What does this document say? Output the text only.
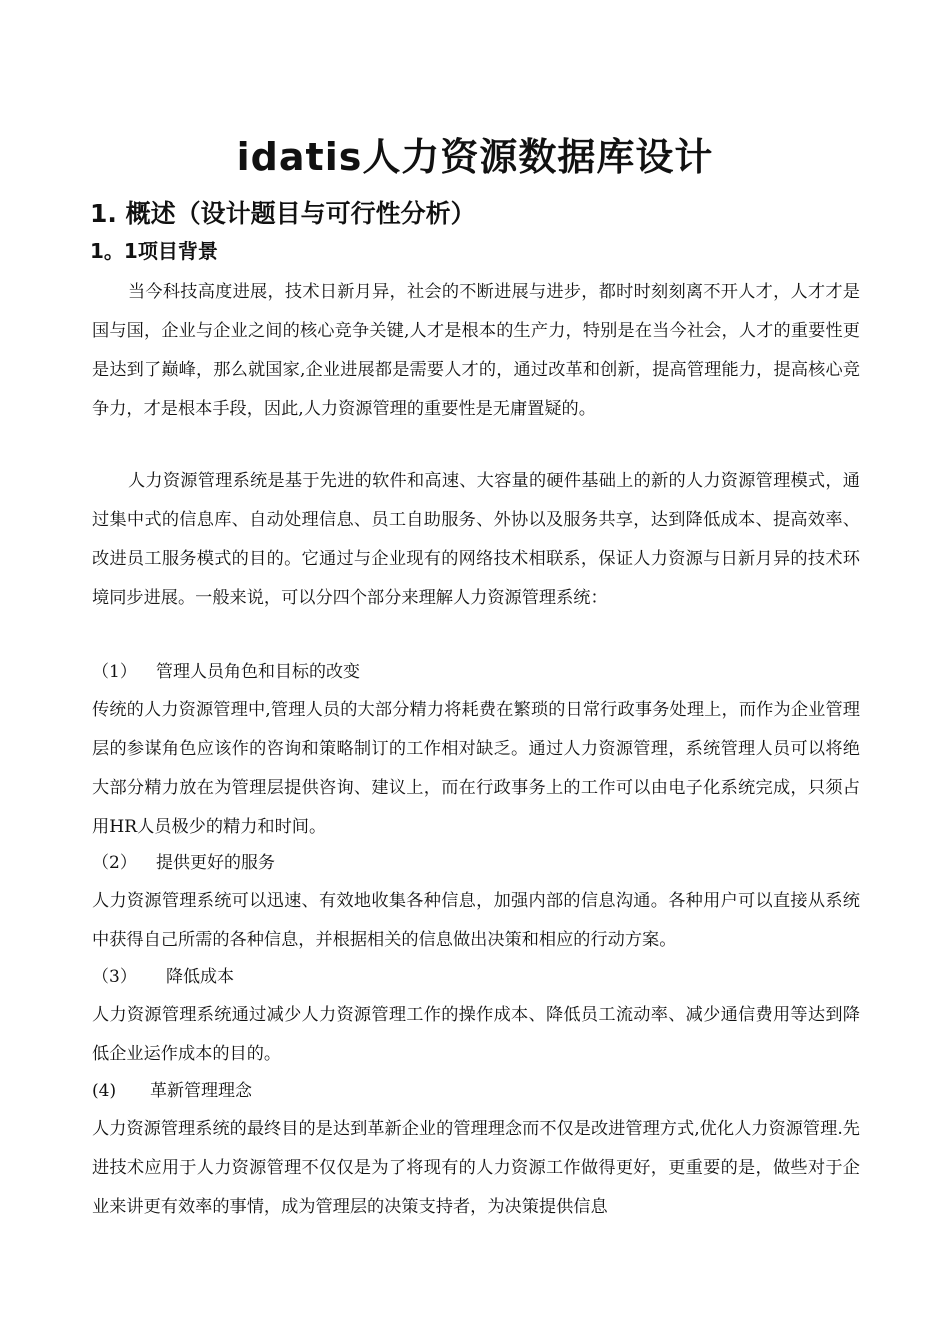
idatis人力资源数据库设计
1. 概述（设计题目与可行性分析）
1。1项目背景

当今科技高度进展，技术日新月异，社会的不断进展与进步，都时时刻刻离不开人才，人才才是国与国，企业与企业之间的核心竞争关键,人才是根本的生产力，特别是在当今社会，人才的重要性更是达到了巅峰，那么就国家,企业进展都是需要人才的，通过改革和创新，提高管理能力，提高核心竞争力，才是根本手段，因此,人力资源管理的重要性是无庸置疑的。

人力资源管理系统是基于先进的软件和高速、大容量的硬件基础上的新的人力资源管理模式，通过集中式的信息库、自动处理信息、员工自助服务、外协以及服务共享，达到降低成本、提高效率、改进员工服务模式的目的。它通过与企业现有的网络技术相联系，保证人力资源与日新月异的技术环境同步进展。一般来说，可以分四个部分来理解人力资源管理系统：

（1） 管理人员角色和目标的改变

传统的人力资源管理中,管理人员的大部分精力将耗费在繁琐的日常行政事务处理上，而作为企业管理层的参谋角色应该作的咨询和策略制订的工作相对缺乏。通过人力资源管理，系统管理人员可以将绝大部分精力放在为管理层提供咨询、建议上，而在行政事务上的工作可以由电子化系统完成，只须占用HR人员极少的精力和时间。

（2） 提供更好的服务

人力资源管理系统可以迅速、有效地收集各种信息，加强内部的信息沟通。各种用户可以直接从系统中获得自己所需的各种信息，并根据相关的信息做出决策和相应的行动方案。

（3） 降低成本

人力资源管理系统通过减少人力资源管理工作的操作成本、降低员工流动率、减少通信费用等达到降低企业运作成本的目的。

(4) 革新管理理念

人力资源管理系统的最终目的是达到革新企业的管理理念而不仅是改进管理方式,优化人力资源管理.先进技术应用于人力资源管理不仅仅是为了将现有的人力资源工作做得更好，更重要的是，做些对于企业来讲更有效率的事情，成为管理层的决策支持者，为决策提供信息
